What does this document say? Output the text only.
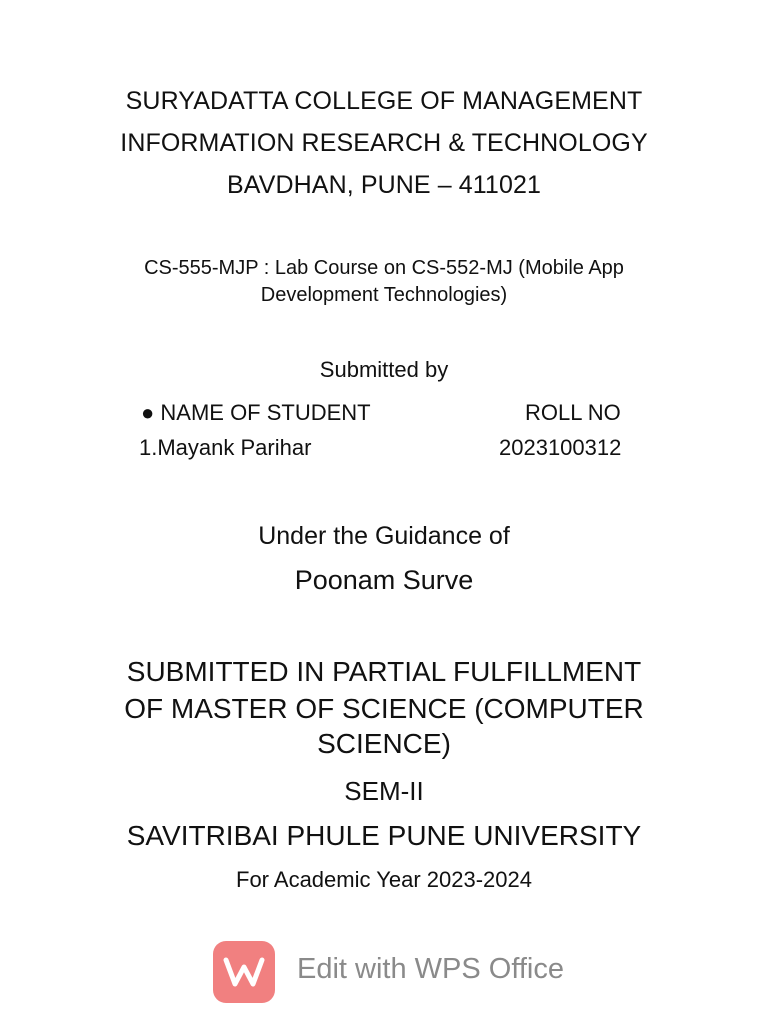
SURYADATTA COLLEGE OF MANAGEMENT
INFORMATION RESEARCH & TECHNOLOGY
BAVDHAN, PUNE – 411021
CS-555-MJP : Lab Course on CS-552-MJ (Mobile App
Development Technologies)
Submitted by
● NAME OF STUDENT	ROLL NO
1.Mayank Parihar	2023100312
Under the Guidance of
Poonam Surve
SUBMITTED IN PARTIAL FULFILLMENT
OF MASTER OF SCIENCE (COMPUTER
SCIENCE)
SEM-II
SAVITRIBAI PHULE PUNE UNIVERSITY
For Academic Year 2023-2024
Edit with WPS Office
